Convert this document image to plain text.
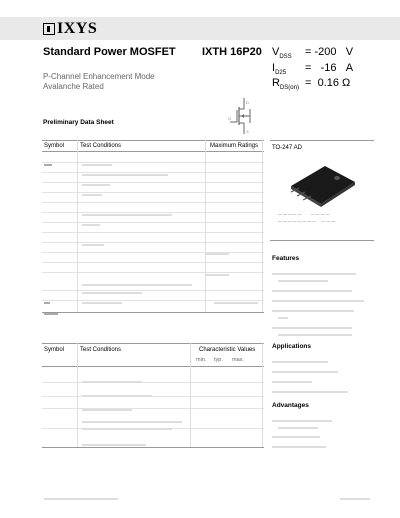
IXYS
Standard Power MOSFET IXTH 16P20 $V_{DSS} = -200$ V
$I_{D25} = -16$ A
$R_{DS(on)} = 0.16$ Ω
P-Channel Enhancement Mode
Avalanche Rated
D
G
S
Preliminary Data Sheet
Symbol	Test Conditions	Maximum Ratings TO-247 AD
─ ─ ─ ─ ─       ─ ─ ─ ─
─ ─ ─ ─ ─ ─ ─ ─    ─ ─ ─
Features
Symbol	Test Conditions	Characteristic Values
min. typ. max.
Applications
Advantages
